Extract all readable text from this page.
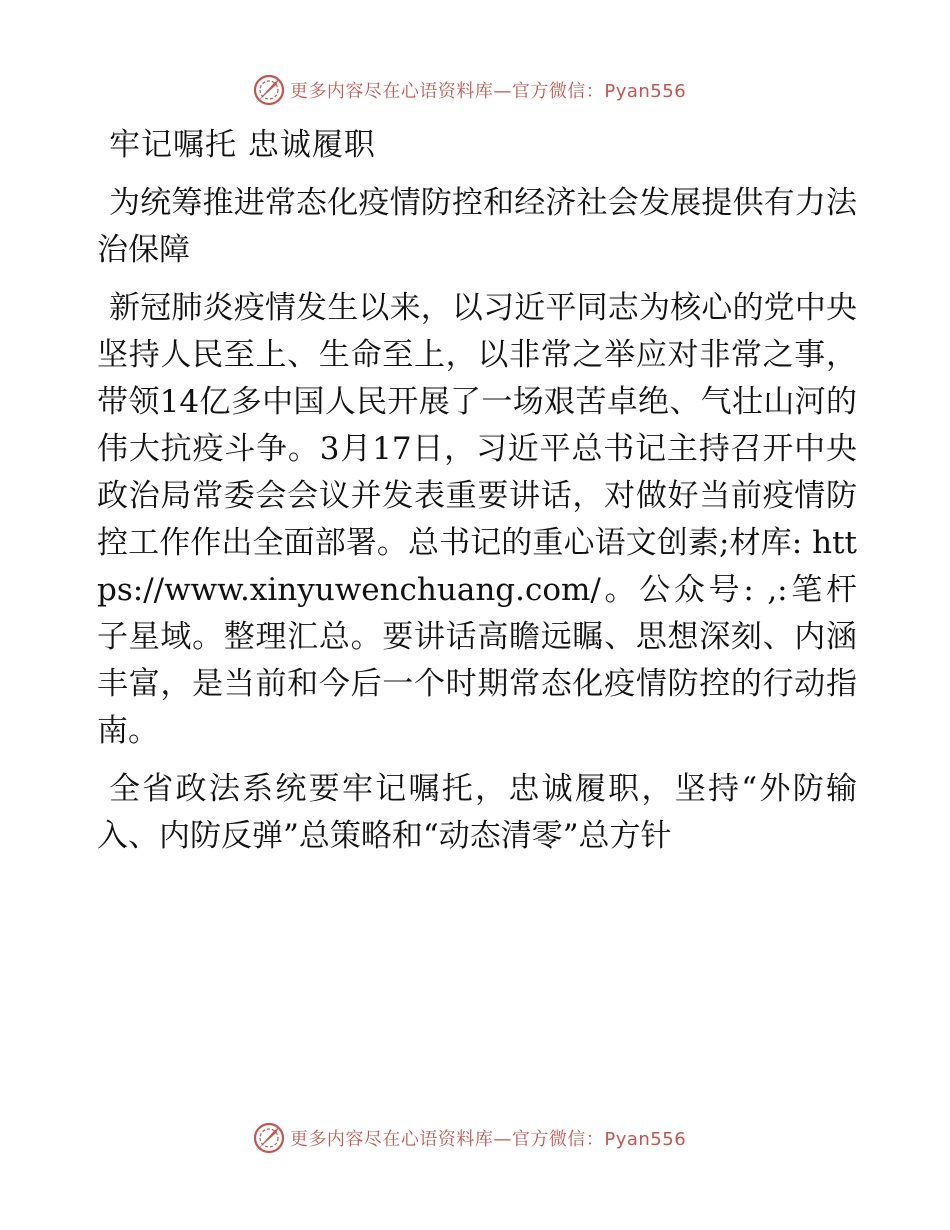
更多内容尽在心语资料库—官方微信：Pyan556

牢记嘱托 忠诚履职

为统筹推进常态化疫情防控和经济社会发展提供有力法治保障

新冠肺炎疫情发生以来，以习近平同志为核心的党中央坚持人民至上、生命至上，以非常之举应对非常之事，带领14亿多中国人民开展了一场艰苦卓绝、气壮山河的伟大抗疫斗争。3月17日，习近平总书记主持召开中央政治局常委会会议并发表重要讲话，对做好当前疫情防控工作作出全面部署。总书记的重心语文创素;材库: https://www.xinyuwenchuang.com/。公众号: ,:笔杆子星域。整理汇总。要讲话高瞻远瞩、思想深刻、内涵丰富，是当前和今后一个时期常态化疫情防控的行动指南。

全省政法系统要牢记嘱托，忠诚履职，坚持“外防输入、内防反弹”总策略和“动态清零”总方针

更多内容尽在心语资料库—官方微信：Pyan556
